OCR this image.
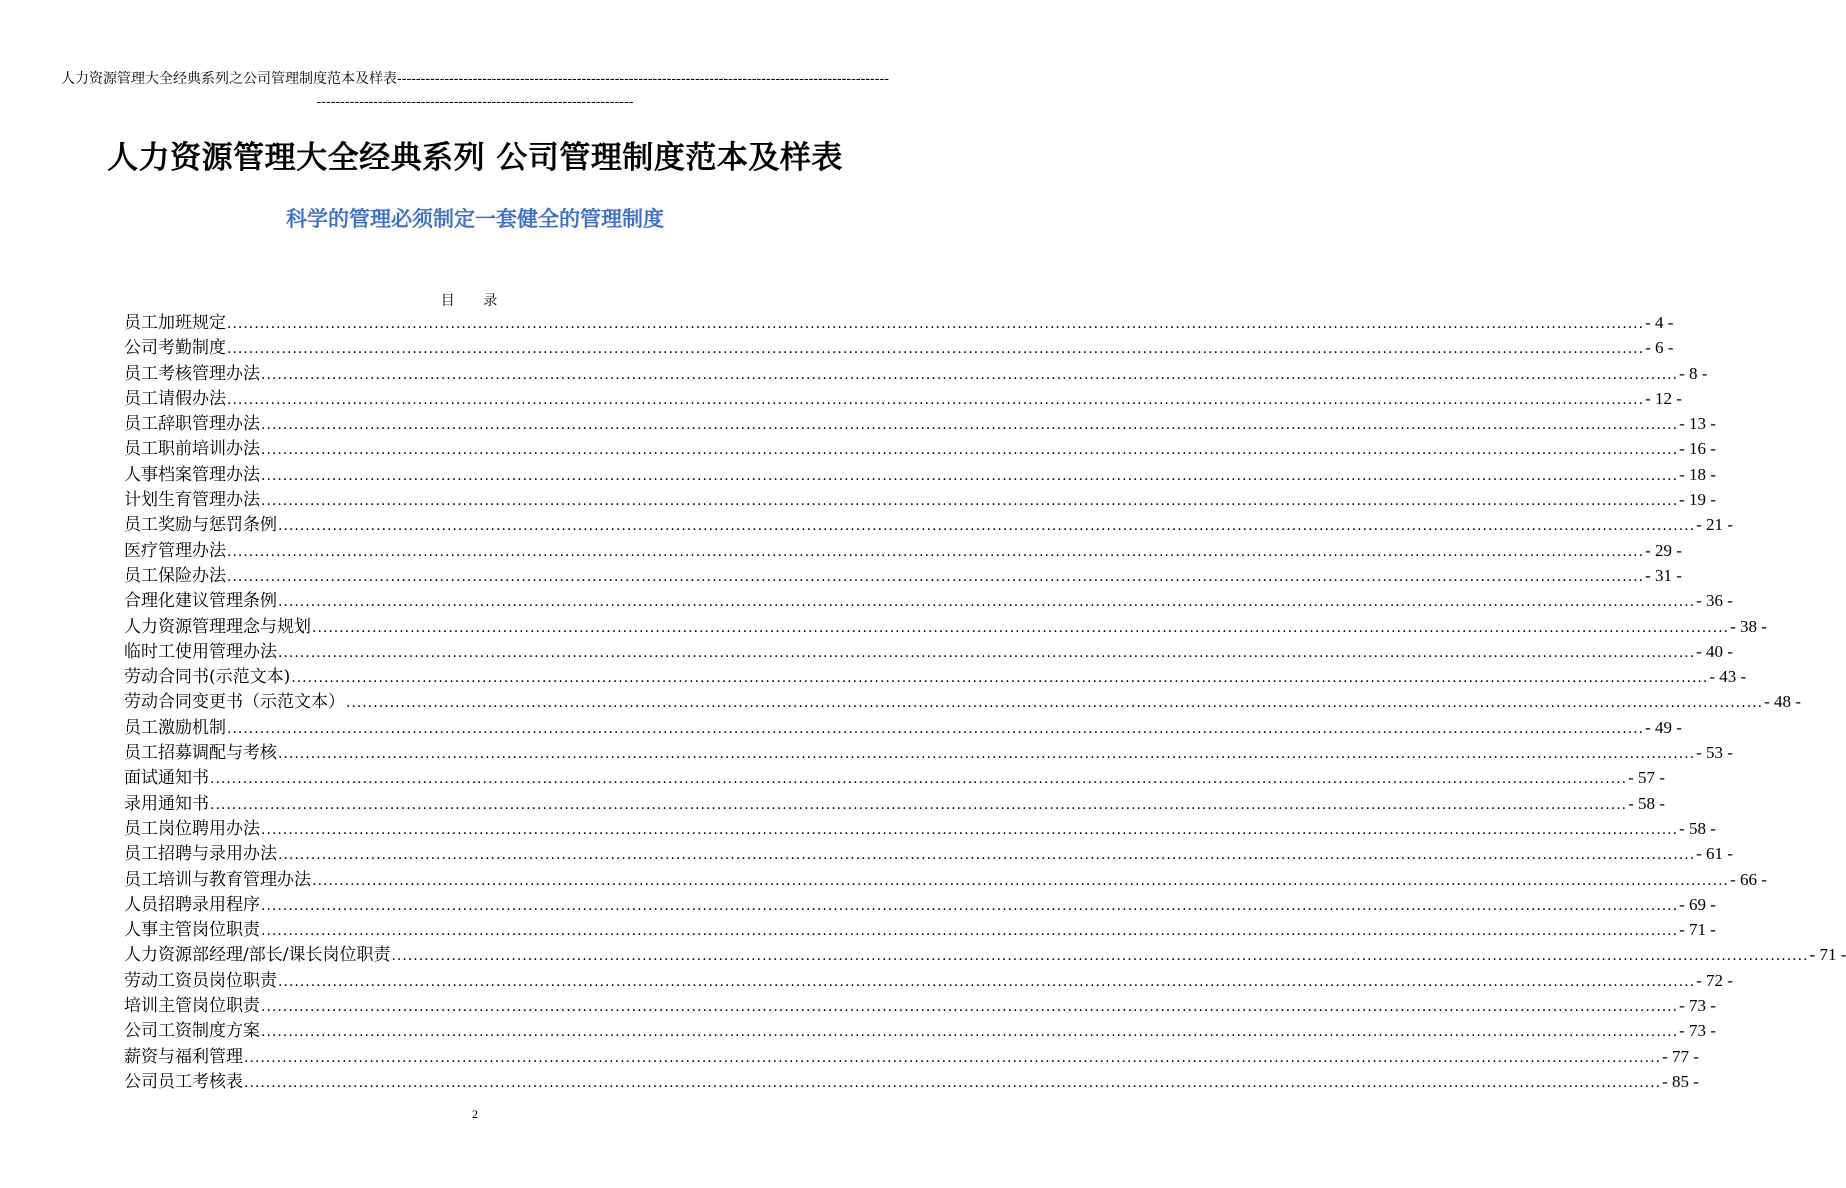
人力资源管理大全经典系列之公司管理制度范本及样表---------------------------------------------------------------------------------------------------------------------------------------------------------------------------
人力资源管理大全经典系列 公司管理制度范本及样表
科学的管理必须制定一套健全的管理制度
目 录
员工加班规定 .................................................................................................................................................................................................................................................................... - 4 -
公司考勤制度 .................................................................................................................................................................................................................................................................... - 6 -
员工考核管理办法 .................................................................................................................................................................................................................................................................... - 8 -
员工请假办法 .................................................................................................................................................................................................................................................................... - 12 -
员工辞职管理办法 .................................................................................................................................................................................................................................................................... - 13 -
员工职前培训办法 .................................................................................................................................................................................................................................................................... - 16 -
人事档案管理办法 .................................................................................................................................................................................................................................................................... - 18 -
计划生育管理办法 .................................................................................................................................................................................................................................................................... - 19 -
员工奖励与惩罚条例 .................................................................................................................................................................................................................................................................... - 21 -
医疗管理办法 .................................................................................................................................................................................................................................................................... - 29 -
员工保险办法 .................................................................................................................................................................................................................................................................... - 31 -
合理化建议管理条例 .................................................................................................................................................................................................................................................................... - 36 -
人力资源管理理念与规划 .................................................................................................................................................................................................................................................................... - 38 -
临时工使用管理办法 .................................................................................................................................................................................................................................................................... - 40 -
劳动合同书(示范文本) .................................................................................................................................................................................................................................................................... - 43 -
劳动合同变更书（示范文本） .................................................................................................................................................................................................................................................................... - 48 -
员工激励机制 .................................................................................................................................................................................................................................................................... - 49 -
员工招募调配与考核 .................................................................................................................................................................................................................................................................... - 53 -
面试通知书 .................................................................................................................................................................................................................................................................... - 57 -
录用通知书 .................................................................................................................................................................................................................................................................... - 58 -
员工岗位聘用办法 .................................................................................................................................................................................................................................................................... - 58 -
员工招聘与录用办法 .................................................................................................................................................................................................................................................................... - 61 -
员工培训与教育管理办法 .................................................................................................................................................................................................................................................................... - 66 -
人员招聘录用程序 .................................................................................................................................................................................................................................................................... - 69 -
人事主管岗位职责 .................................................................................................................................................................................................................................................................... - 71 -
人力资源部经理/部长/课长岗位职责 .................................................................................................................................................................................................................................................................... - 71 -
劳动工资员岗位职责 .................................................................................................................................................................................................................................................................... - 72 -
培训主管岗位职责 .................................................................................................................................................................................................................................................................... - 73 -
公司工资制度方案 .................................................................................................................................................................................................................................................................... - 73 -
薪资与福利管理 .................................................................................................................................................................................................................................................................... - 77 -
公司员工考核表 .................................................................................................................................................................................................................................................................... - 85 -
2
